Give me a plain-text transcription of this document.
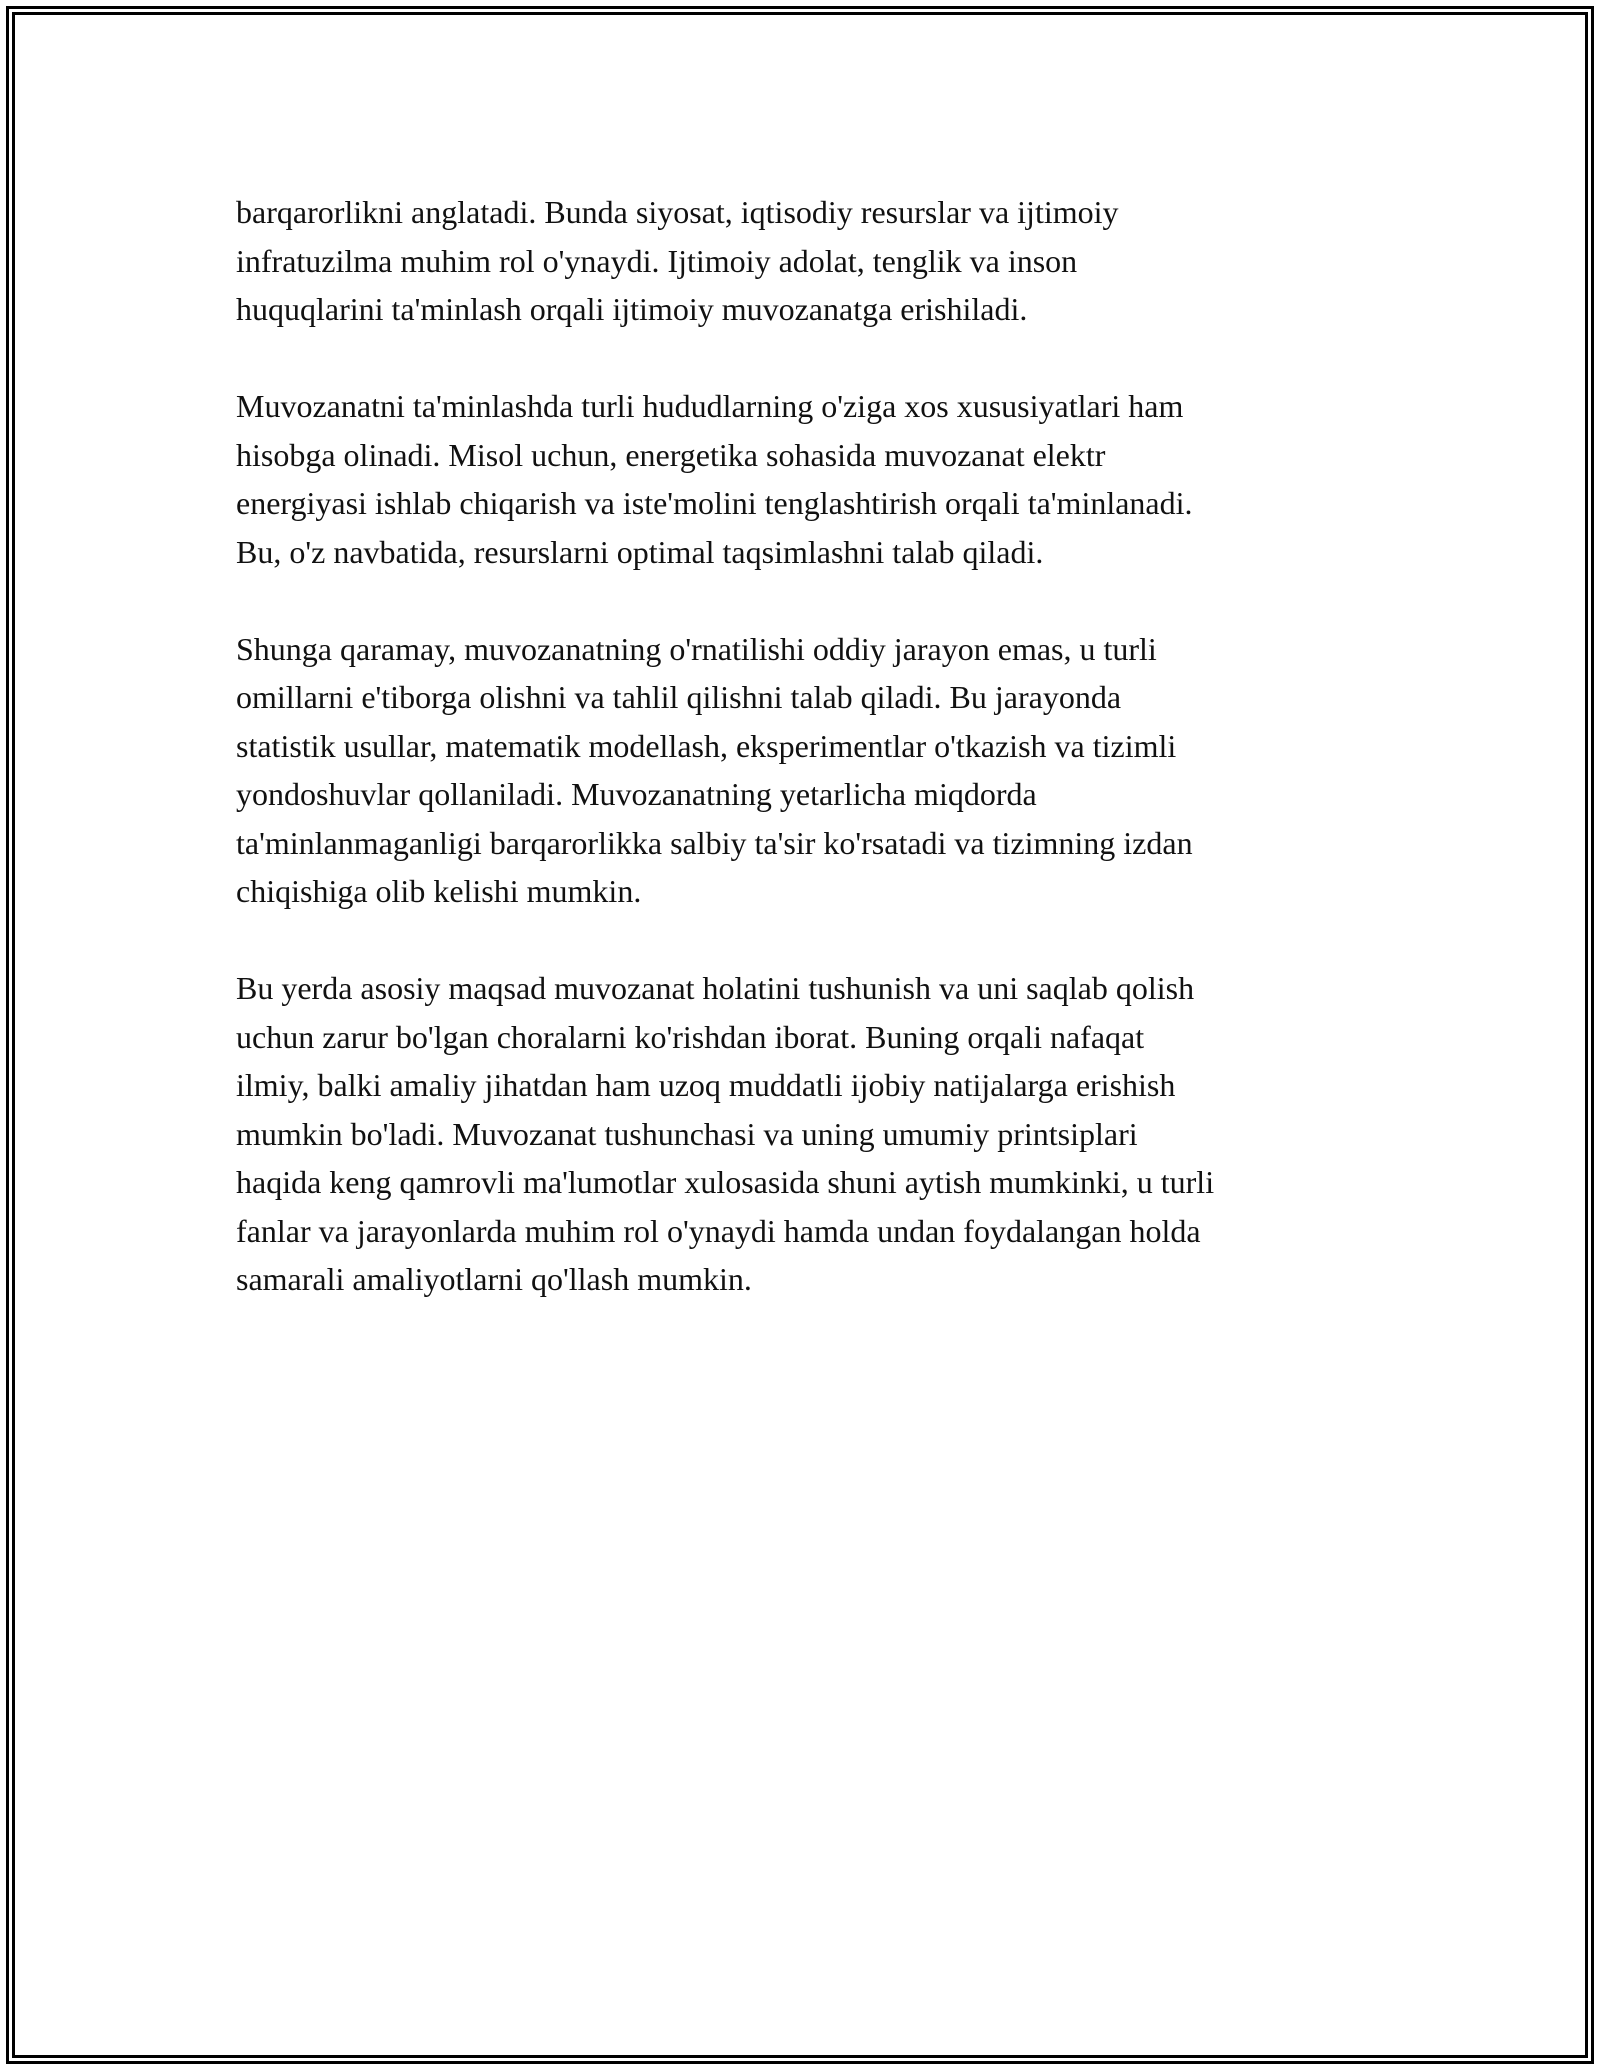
barqarorlikni anglatadi. Bunda siyosat, iqtisodiy resurslar va ijtimoiy
infratuzilma muhim rol o'ynaydi. Ijtimoiy adolat, tenglik va inson
huquqlarini ta'minlash orqali ijtimoiy muvozanatga erishiladi.

Muvozanatni ta'minlashda turli hududlarning o'ziga xos xususiyatlari ham
hisobga olinadi. Misol uchun, energetika sohasida muvozanat elektr
energiyasi ishlab chiqarish va iste'molini tenglashtirish orqali ta'minlanadi.
Bu, o'z navbatida, resurslarni optimal taqsimlashni talab qiladi.

Shunga qaramay, muvozanatning o'rnatilishi oddiy jarayon emas, u turli
omillarni e'tiborga olishni va tahlil qilishni talab qiladi. Bu jarayonda
statistik usullar, matematik modellash, eksperimentlar o'tkazish va tizimli
yondoshuvlar qollaniladi. Muvozanatning yetarlicha miqdorda
ta'minlanmaganligi barqarorlikka salbiy ta'sir ko'rsatadi va tizimning izdan
chiqishiga olib kelishi mumkin.

Bu yerda asosiy maqsad muvozanat holatini tushunish va uni saqlab qolish
uchun zarur bo'lgan choralarni ko'rishdan iborat. Buning orqali nafaqat
ilmiy, balki amaliy jihatdan ham uzoq muddatli ijobiy natijalarga erishish
mumkin bo'ladi. Muvozanat tushunchasi va uning umumiy printsiplari
haqida keng qamrovli ma'lumotlar xulosasida shuni aytish mumkinki, u turli
fanlar va jarayonlarda muhim rol o'ynaydi hamda undan foydalangan holda
samarali amaliyotlarni qo'llash mumkin.
